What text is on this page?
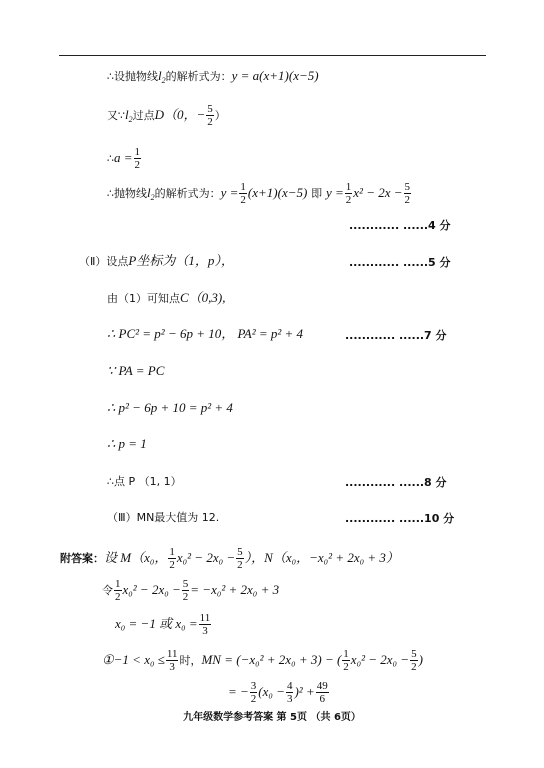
∴设抛物线$l_2$的解析式为：y = a(x+1)(x−5)
又$\because l_2$过点D（0，− $\frac{5}{2}$ ）
∴a = $\frac{1}{2}$
∴抛物线$l_2$的解析式为：$y = \frac{1}{2} (x+1)(x-5)$ 即 $y = \frac{1}{2} x^2 - 2x - \frac{5}{2}$
............ ......4 分
（Ⅱ）设点P坐标为（1，p），	............ ......5 分
由（1）可知点C（0,3),
∴ PC² = p² − 6p + 10， PA² = p² + 4	............ ......7 分
∵ PA = PC
∴ p² − 6p + 10 = p² + 4
∴ p = 1
∴点 P （1, 1）	............ ......8 分
（Ⅲ）MN最大值为 12.	............ ......10 分
附答案：设 M（x₀， $\frac{1}{2} x_0^2 - 2x_0 - \frac{5}{2}$ ），N（x₀，−x₀² + 2x₀ + 3）
令 $\frac{1}{2} x_0^2 - 2x_0 - \frac{5}{2} = -x_0^2 + 2x_0 + 3$
x₀ = −1 或 $x_0 = \frac{11}{3}$
①−1 < $x_0 \le \frac{11}{3}$ 时，MN = (−x₀² + 2x₀ + 3) − ( $\frac{1}{2} x_0^2 - 2x_0 - \frac{5}{2}$ )
= − $\frac{3}{2} (x_0 - \frac{4}{3} )^2 + \frac{49}{6}$
九年级数学参考答案 第 5页 （共 6页）
